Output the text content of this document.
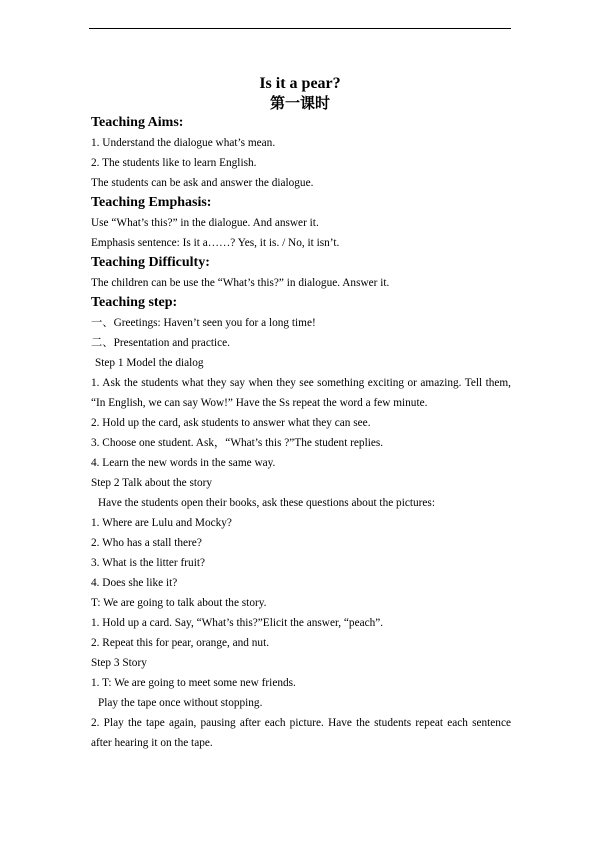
Is it a pear?
第一课时
Teaching Aims:
1. Understand the dialogue what’s mean.
2. The students like to learn English.
The students can be ask and answer the dialogue.
Teaching Emphasis:
Use “What’s this?” in the dialogue. And answer it.
Emphasis sentence: Is it a……? Yes, it is. / No, it isn’t.
Teaching Difficulty:
The children can be use the “What’s this?” in dialogue. Answer it.
Teaching step:
一、Greetings: Haven’t seen you for a long time!
二、Presentation and practice.
Step 1 Model the dialog
1. Ask the students what they say when they see something exciting or amazing. Tell them, “In English, we can say Wow!” Have the Ss repeat the word a few minute.
2. Hold up the card, ask students to answer what they can see.
3. Choose one student. Ask，“What’s this ?”The student replies.
4. Learn the new words in the same way.
Step 2 Talk about the story
Have the students open their books, ask these questions about the pictures:
1. Where are Lulu and Mocky?
2. Who has a stall there?
3. What is the litter fruit?
4. Does she like it?
T: We are going to talk about the story.
1. Hold up a card. Say, “What’s this?”Elicit the answer, “peach”.
2. Repeat this for pear, orange, and nut.
Step 3 Story
1. T: We are going to meet some new friends.
Play the tape once without stopping.
2. Play the tape again, pausing after each picture. Have the students repeat each sentence after hearing it on the tape.
